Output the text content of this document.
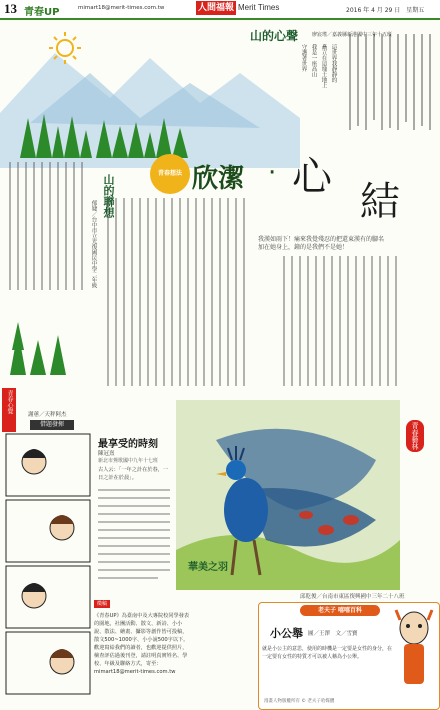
13 青春UP	mimart18@merit-times.com.tw	人間福報 Merit Times	2016 年 4 月 29 日　星期五
山的心聲	廖宸瑤／嘉義縣新港國中三年十五班
這世界我靜靜的
矗立在這塊土地上
我是一座高山
守護著世界
青春想法 欣潔 · 心
結
我漢如雨下！痛來我覺殘忍的把還東漢有的腳名加在她身上，鐘的是我們不是她！
山的聯想
郁婕／台中市立光復國民中學二年級
青春藝林
青春心覺
謝蕙／天秤阿杰
借題發揮
最享受的時刻
陳冠熹
新北市鶯歌國中九年十七班
古人云：「一年之計在於春，一日之計在於晨」。
華美之羽
邱乾俊／台南市東區復興國中三年二十八班
徵稿
《青春UP》為臺南中及大專院校同學發表的園地，社團活動、散文、新詩、小小說、散法、繪畫、攝影等創作皆可投稿，散文500~1000字、小小說500字以下。歡迎寫給我們的讀者，也歡迎提供照片，檢查評估過後刊登，請註明真實姓名、學校、年級及聯絡方式，寄至：mimart18@merit-times.com.tw
老夫子 嘻嘻百科
小公舉 圖／王澤　文／雪寶
就是小公主的意思，使用的時機是一定要是女性的身分，在一定要有女性的特質才可以被人稱為小公舉。
漫畫人物版權所有 © 老夫子哈媒體
